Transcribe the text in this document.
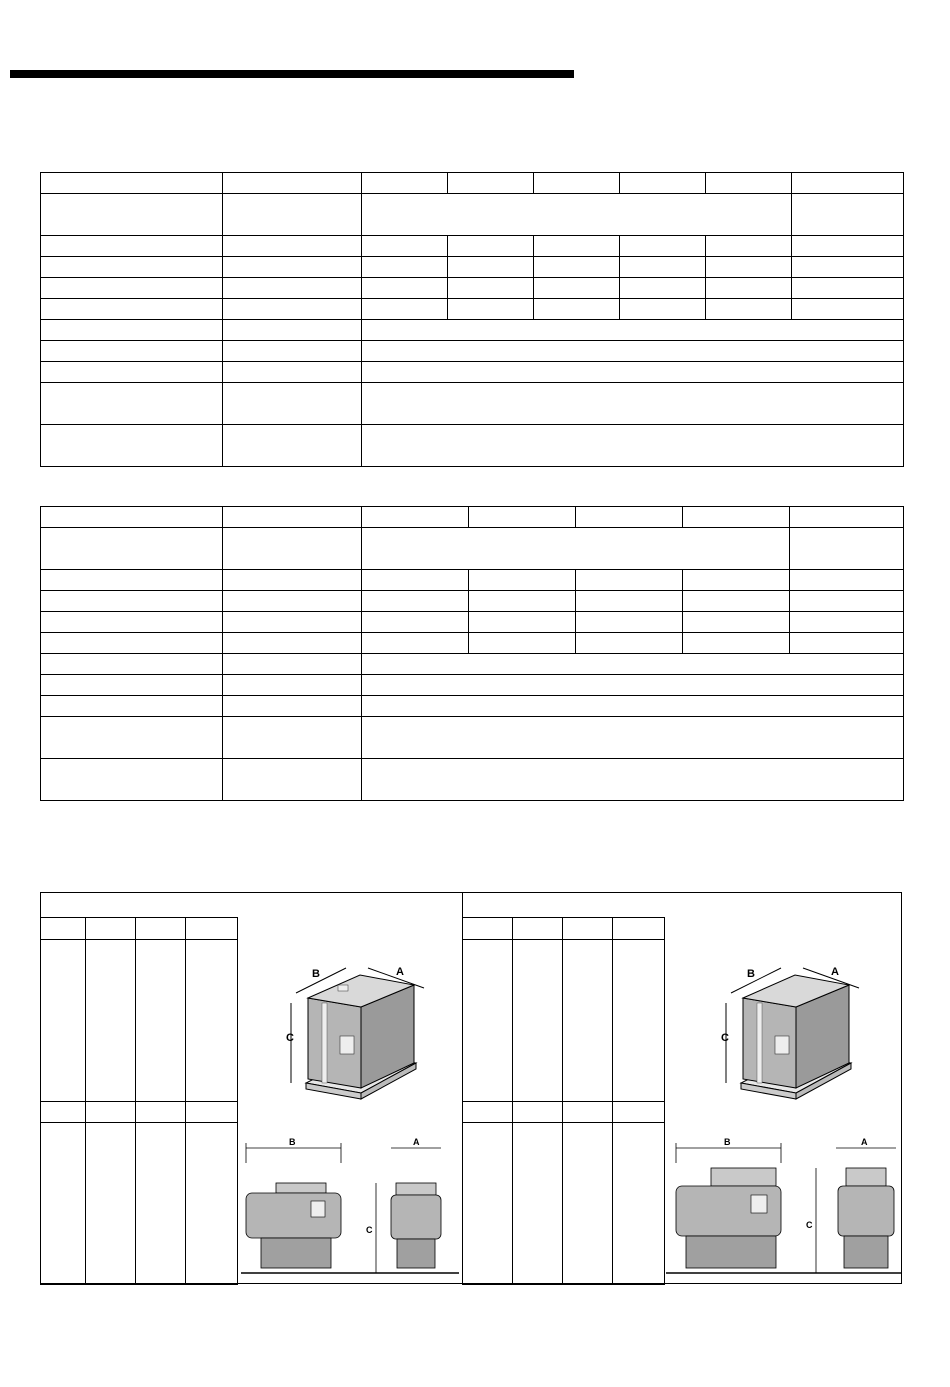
B	A
C
B	A
C
B	A
C
B	A
C
